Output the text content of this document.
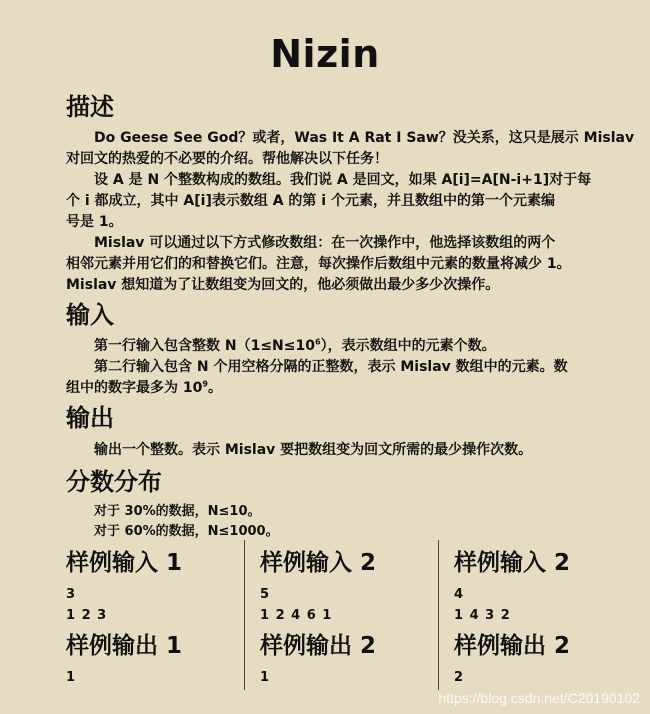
Nizin
描述
Do Geese See God？或者，Was It A Rat I Saw？没关系，这只是展示 Mislav
对回文的热爱的不必要的介绍。帮他解决以下任务！
设 A 是 N 个整数构成的数组。我们说 A 是回文，如果 A[i]=A[N-i+1]对于每
个 i 都成立，其中 A[i]表示数组 A 的第 i 个元素，并且数组中的第一个元素编
号是 1。
Mislav 可以通过以下方式修改数组：在一次操作中，他选择该数组的两个
相邻元素并用它们的和替换它们。注意，每次操作后数组中元素的数量将减少 1。
Mislav 想知道为了让数组变为回文的，他必须做出最少多少次操作。
输入
第一行输入包含整数 $N(1\le N\le 10^6)$，表示数组中的元素个数。
第二行输入包含 N 个用空格分隔的正整数，表示 Mislav 数组中的元素。数
组中的数字最多为 $10^9$。
输出
输出一个整数。表示 Mislav 要把数组变为回文所需的最少操作次数。
分数分布
对于 30%的数据，N≤10。
对于 60%的数据，N≤1000。
样例输入 1
3
1 2 3
样例输出 1
1
样例输入 2
5
1 2 4 6 1
样例输出 2
1
样例输入 2
4
1 4 3 2
样例输出 2
2
https://blog.csdn.net/C20190102
